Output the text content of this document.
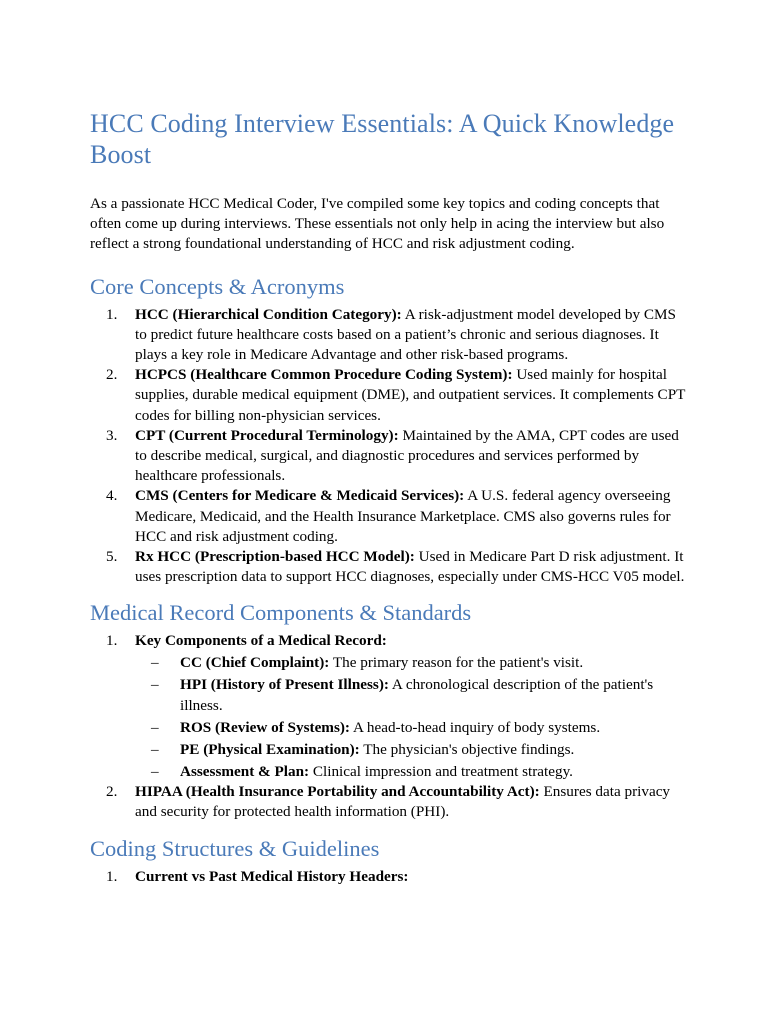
HCC Coding Interview Essentials: A Quick Knowledge Boost

As a passionate HCC Medical Coder, I've compiled some key topics and coding concepts that often come up during interviews. These essentials not only help in acing the interview but also reflect a strong foundational understanding of HCC and risk adjustment coding.

Core Concepts & Acronyms
1. HCC (Hierarchical Condition Category): A risk-adjustment model developed by CMS to predict future healthcare costs based on a patient’s chronic and serious diagnoses. It plays a key role in Medicare Advantage and other risk-based programs.
2. HCPCS (Healthcare Common Procedure Coding System): Used mainly for hospital supplies, durable medical equipment (DME), and outpatient services. It complements CPT codes for billing non-physician services.
3. CPT (Current Procedural Terminology): Maintained by the AMA, CPT codes are used to describe medical, surgical, and diagnostic procedures and services performed by healthcare professionals.
4. CMS (Centers for Medicare & Medicaid Services): A U.S. federal agency overseeing Medicare, Medicaid, and the Health Insurance Marketplace. CMS also governs rules for HCC and risk adjustment coding.
5. Rx HCC (Prescription-based HCC Model): Used in Medicare Part D risk adjustment. It uses prescription data to support HCC diagnoses, especially under CMS-HCC V05 model.
Medical Record Components & Standards
1. Key Components of a Medical Record:
– CC (Chief Complaint): The primary reason for the patient's visit.
– HPI (History of Present Illness): A chronological description of the patient's illness.
– ROS (Review of Systems): A head-to-head inquiry of body systems.
– PE (Physical Examination): The physician's objective findings.
– Assessment & Plan: Clinical impression and treatment strategy.
2. HIPAA (Health Insurance Portability and Accountability Act): Ensures data privacy and security for protected health information (PHI).
Coding Structures & Guidelines
1. Current vs Past Medical History Headers:
